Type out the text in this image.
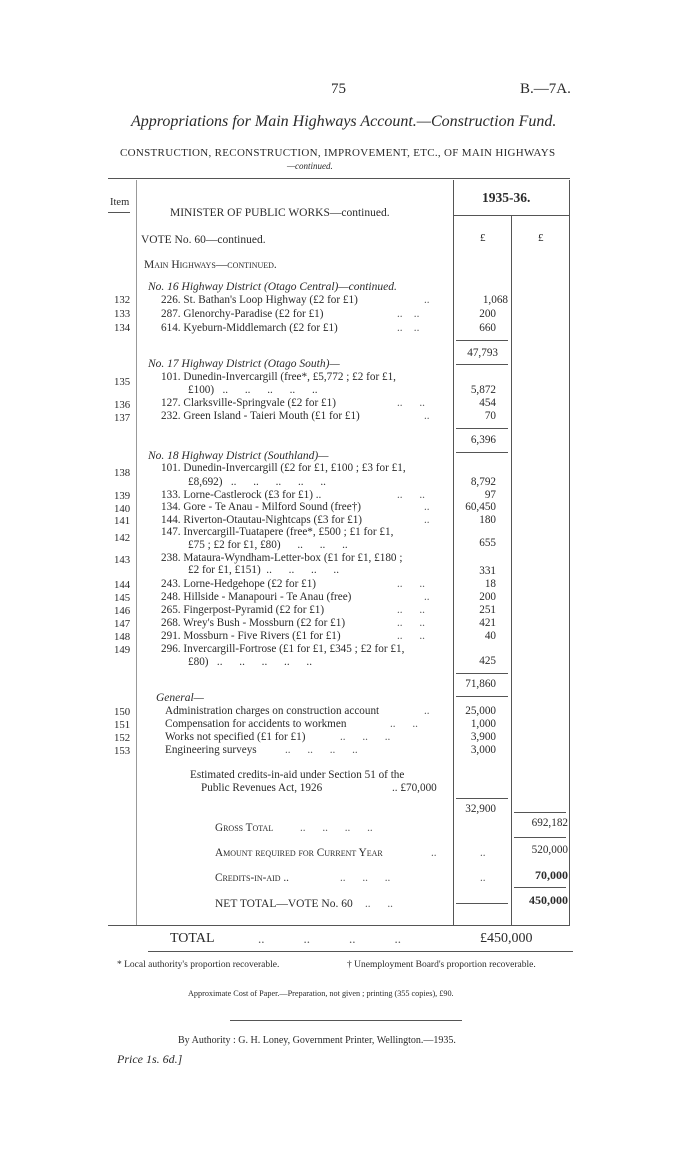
75	B.—7A.
Appropriations for Main Highways Account.—Construction Fund.
CONSTRUCTION, RECONSTRUCTION, IMPROVEMENT, ETC., OF MAIN HIGHWAYS
—continued.
Item	1935-36.
MINISTER OF PUBLIC WORKS—continued.
VOTE No. 60—continued.	£	£
Main Highways—continued.
No. 16 Highway District (Otago Central)—continued.
132	226. St. Bathan's Loop Highway (£2 for £1)	..	1,068
133	287. Glenorchy-Paradise (£2 for £1)	..    ..	200
134	614. Kyeburn-Middlemarch (£2 for £1)	..    ..	660
47,793
No. 17 Highway District (Otago South)—
135	101. Dunedin-Invercargill (free*, £5,772 ; £2 for £1,
£100)   ..      ..      ..      ..      ..	5,872
136	127. Clarksville-Springvale (£2 for £1)	..      ..	454
137	232. Green Island - Taieri Mouth (£1 for £1)	..	70
6,396
No. 18 Highway District (Southland)—
138	101. Dunedin-Invercargill (£2 for £1, £100 ; £3 for £1,
£8,692)   ..      ..      ..      ..      ..	8,792
139	133. Lorne-Castlerock (£3 for £1) ..	..      ..	97
140	134. Gore - Te Anau - Milford Sound (free†)	..	60,450
141	144. Riverton-Otautau-Nightcaps (£3 for £1)	..	180
142	147. Invercargill-Tuatapere (free*, £500 ; £1 for £1,
£75 ; £2 for £1, £80)      ..      ..      ..	655
143	238. Mataura-Wyndham-Letter-box (£1 for £1, £180 ;
£2 for £1, £151)  ..      ..      ..      ..	331
144	243. Lorne-Hedgehope (£2 for £1)	..      ..	18
145	248. Hillside - Manapouri - Te Anau (free)	..	200
146	265. Fingerpost-Pyramid (£2 for £1)	..      ..	251
147	268. Wrey's Bush - Mossburn (£2 for £1)	..      ..	421
148	291. Mossburn - Five Rivers (£1 for £1)	..      ..	40
149	296. Invercargill-Fortrose (£1 for £1, £345 ; £2 for £1,
£80)   ..      ..      ..      ..      ..	425
71,860
General—
150	Administration charges on construction account	..	25,000
151	Compensation for accidents to workmen	..      ..	1,000
152	Works not specified (£1 for £1)	..      ..      ..	3,900
153	Engineering surveys	..      ..      ..      ..	3,000
Estimated credits-in-aid under Section 51 of the
Public Revenues Act, 1926	.. £70,000
32,900
Gross Total ..      ..      ..      ..	692,182
Amount required for Current Year	..	..	520,000
Credits-in-aid ..	..      ..      ..	..	70,000
NET TOTAL—VOTE No. 60 ..      ..	450,000
TOTAL	..            ..            ..            ..	£450,000
* Local authority's proportion recoverable.	† Unemployment Board's proportion recoverable.
Approximate Cost of Paper.—Preparation, not given ; printing (355 copies), £90.
By Authority : G. H. Loney, Government Printer, Wellington.—1935.
Price 1s. 6d.]
